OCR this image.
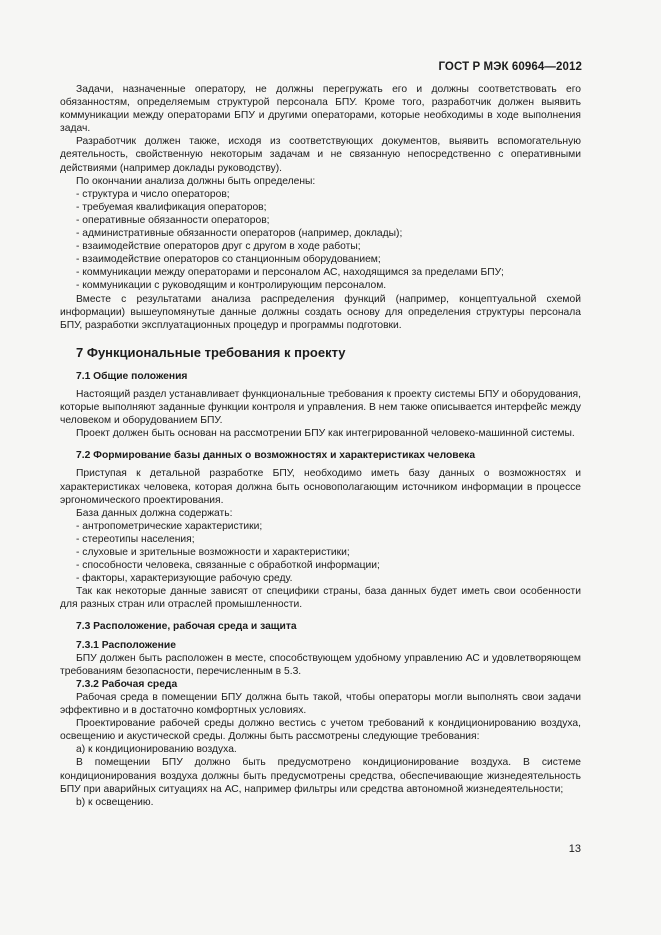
ГОСТ Р МЭК 60964—2012

Задачи, назначенные оператору, не должны перегружать его и должны соответствовать его обязанностям, определяемым структурой персонала БПУ. Кроме того, разработчик должен выявить коммуникации между операторами БПУ и другими операторами, которые необходимы в ходе выполнения задач.

Разработчик должен также, исходя из соответствующих документов, выявить вспомогательную деятельность, свойственную некоторым задачам и не связанную непосредственно с оперативными действиями (например доклады руководству).

По окончании анализа должны быть определены:

- структура и число операторов;
- требуемая квалификация операторов;
- оперативные обязанности операторов;
- административные обязанности операторов (например, доклады);
- взаимодействие операторов друг с другом в ходе работы;
- взаимодействие операторов со станционным оборудованием;
- коммуникации между операторами и персоналом АС, находящимся за пределами БПУ;
- коммуникации с руководящим и контролирующим персоналом.

Вместе с результатами анализа распределения функций (например, концептуальной схемой информации) вышеупомянутые данные должны создать основу для определения структуры персонала БПУ, разработки эксплуатационных процедур и программы подготовки.

7 Функциональные требования к проекту
7.1 Общие положения

Настоящий раздел устанавливает функциональные требования к проекту системы БПУ и оборудования, которые выполняют заданные функции контроля и управления. В нем также описывается интерфейс между человеком и оборудованием БПУ.

Проект должен быть основан на рассмотрении БПУ как интегрированной человеко-машинной системы.

7.2 Формирование базы данных о возможностях и характеристиках человека

Приступая к детальной разработке БПУ, необходимо иметь базу данных о возможностях и характеристиках человека, которая должна быть основополагающим источником информации в процессе эргономического проектирования.

База данных должна содержать:

- антропометрические характеристики;
- стереотипы населения;
- слуховые и зрительные возможности и характеристики;
- способности человека, связанные с обработкой информации;
- факторы, характеризующие рабочую среду.

Так как некоторые данные зависят от специфики страны, база данных будет иметь свои особенности для разных стран или отраслей промышленности.

7.3 Расположение, рабочая среда и защита
7.3.1 Расположение

БПУ должен быть расположен в месте, способствующем удобному управлению АС и удовлетворяющем требованиям безопасности, перечисленным в 5.3.

7.3.2 Рабочая среда

Рабочая среда в помещении БПУ должна быть такой, чтобы операторы могли выполнять свои задачи эффективно и в достаточно комфортных условиях.

Проектирование рабочей среды должно вестись с учетом требований к кондиционированию воздуха, освещению и акустической среды. Должны быть рассмотрены следующие требования:

а) к кондиционированию воздуха.

В помещении БПУ должно быть предусмотрено кондиционирование воздуха. В системе кондиционирования воздуха должны быть предусмотрены средства, обеспечивающие жизнедеятельность БПУ при аварийных ситуациях на АС, например фильтры или средства автономной жизнедеятельности;

b) к освещению.

13
